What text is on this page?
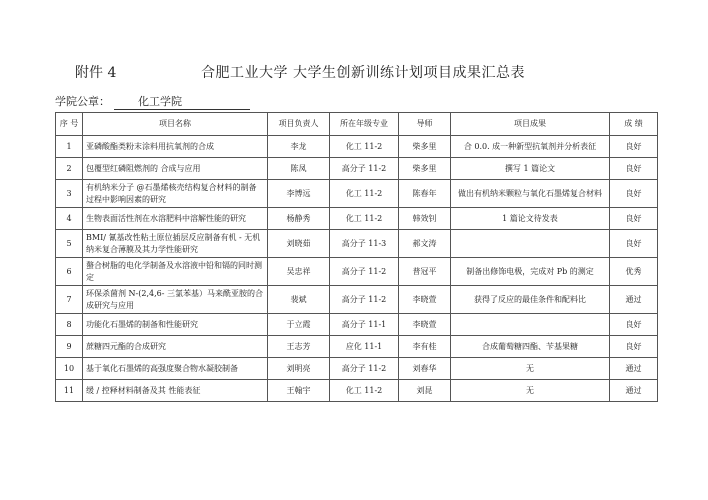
附件 4	合肥工业大学 大学生创新训练计划项目成果汇总表
学院公章：	化工学院
序 号	项目名称	项目负责人	所在年级专业	导师	项目成果	成 绩
1	亚磷酸酯类粉末涂料用抗氧剂的合成	李龙	化工 11-2	柴多里	合 0.0. 成一种新型抗氧剂并分析表征	良好
2	包覆型红磷阻燃剂的 合成与应用	陈凤	高分子 11-2	柴多里	撰写 1 篇论文	良好
3	有机纳米分子 @石墨烯核壳结构复合材料的制备过程中影响因素的研究	李博远	化工 11-2	陈春年	做出有机纳米颗粒与氧化石墨烯复合材料	良好
4	生物表面活性剂在水溶肥料中溶解性能的研究	杨静秀	化工 11-2	韩效钊	1 篇论文待发表	良好
5	BMI/ 氰基改性粘土原位插层反应制备有机 - 无机纳米复合薄膜及其力学性能研究	刘晓茹	高分子 11-3	郝文涛		良好
6	螯合树脂的电化学制备及水溶液中铅和镉的同时测定	吴忠祥	高分子 11-2	普冠平	制备出修饰电极，完成对 Pb 的测定	优秀
7	环保杀菌剂 N-(2,4,6- 三氯苯基）马来酰亚胺的合成研究与应用	裴斌	高分子 11-2	李晓萱	获得了反应的最佳条件和配料比	通过
8	功能化石墨烯的制备和性能研究	于立霞	高分子 11-1	李晓萱		良好
9	蔗糖四元酯的合成研究	王志芳	应化 11-1	李有桂	合成葡萄糖四酯、苄基果糖	良好
10	基于氧化石墨烯的高强度聚合物水凝胶制备	刘明亮	高分子 11-2	刘春华	无	通过
11	缓 / 控释材料制备及其 性能表征	王翰宇	化工 11-2	刘昆	无	通过
